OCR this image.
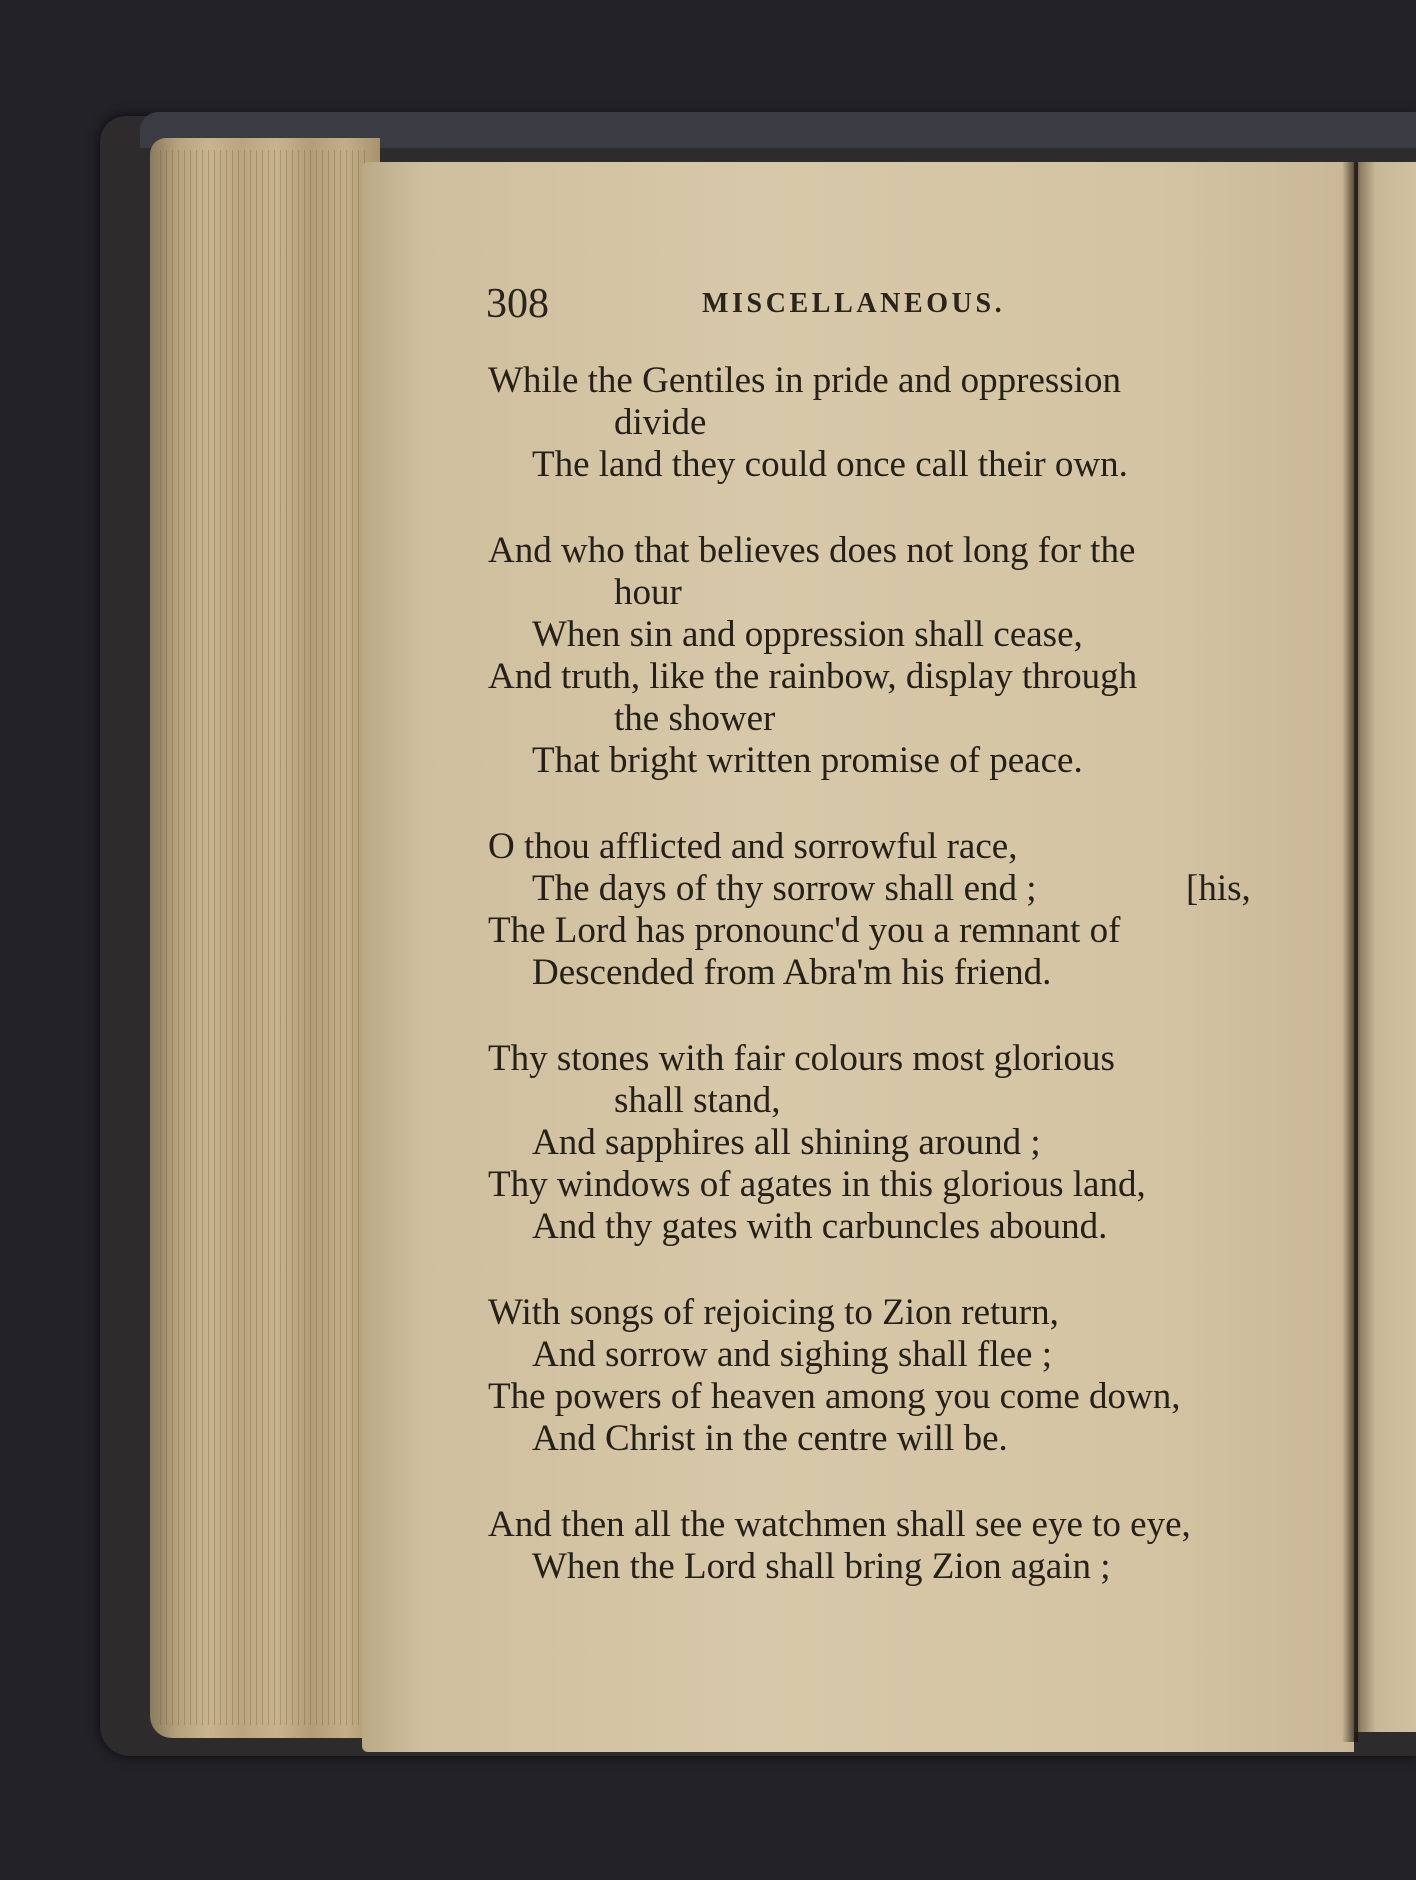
308	MISCELLANEOUS.
While the Gentiles in pride and oppression
divide
The land they could once call their own.
And who that believes does not long for the
hour
When sin and oppression shall cease,
And truth, like the rainbow, display through
the shower
That bright written promise of peace.
O thou afflicted and sorrowful race,
The days of thy sorrow shall end ;	[his,
The Lord has pronounc'd you a remnant of
Descended from Abra'm his friend.
Thy stones with fair colours most glorious
shall stand,
And sapphires all shining around ;
Thy windows of agates in this glorious land,
And thy gates with carbuncles abound.
With songs of rejoicing to Zion return,
And sorrow and sighing shall flee ;
The powers of heaven among you come down,
And Christ in the centre will be.
And then all the watchmen shall see eye to eye,
When the Lord shall bring Zion again ;
